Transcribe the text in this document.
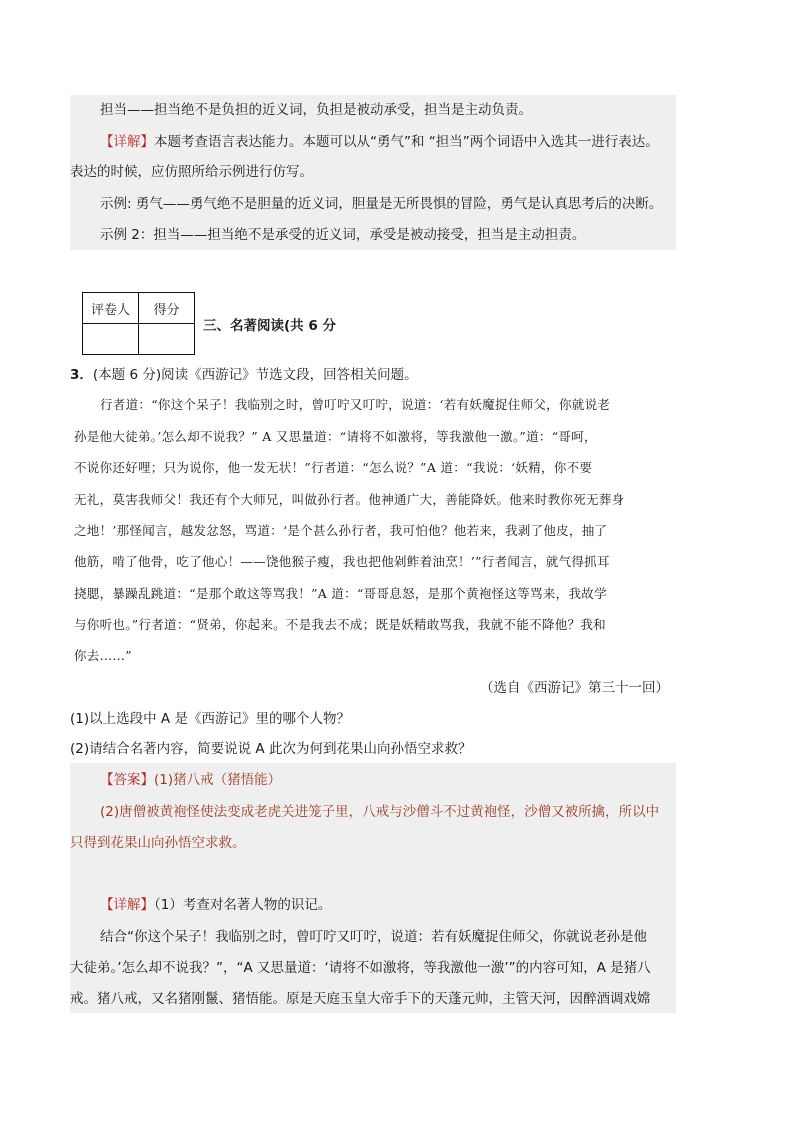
担当——担当绝不是负担的近义词，负担是被动承受，担当是主动负责。
【详解】本题考查语言表达能力。本题可以从“勇气”和 “担当”两个词语中入选其一进行表达。
表达的时候，应仿照所给示例进行仿写。
示例: 勇气——勇气绝不是胆量的近义词，胆量是无所畏惧的冒险，勇气是认真思考后的决断。
示例 2：担当——担当绝不是承受的近义词，承受是被动接受，担当是主动担责。
评卷人	得分

三、名著阅读(共 6 分
3．(本题 6 分)阅读《西游记》节选文段，回答相关问题。
行者道：“你这个呆子！我临别之时，曾叮咛又叮咛，说道：‘若有妖魔捉住师父，你就说老
孙是他大徒弟。’怎么却不说我？” A 又思量道：“请将不如激将，等我激他一激。”道：“哥呵，
不说你还好哩；只为说你，他一发无状！”行者道：“怎么说？”A 道：“我说：‘妖精，你不要
无礼，莫害我师父！我还有个大师兄，叫做孙行者。他神通广大，善能降妖。他来时教你死无葬身
之地！’那怪闻言，越发忿怒，骂道：‘是个甚么孙行者，我可怕他？他若来，我剥了他皮，抽了
他筋，啃了他骨，吃了他心！——饶他猴子瘦，我也把他剁鲊着油烹！’”行者闻言，就气得抓耳
挠腮，暴躁乱跳道：“是那个敢这等骂我！”A 道：“哥哥息怒，是那个黄袍怪这等骂来，我故学
与你听也。”行者道：“贤弟，你起来。不是我去不成；既是妖精敢骂我，我就不能不降他？我和
你去……”
（选自《西游记》第三十一回）
(1)以上选段中 A 是《西游记》里的哪个人物？
(2)请结合名著内容，简要说说 A 此次为何到花果山向孙悟空求救？
【答案】(1)猪八戒（猪悟能）
(2)唐僧被黄袍怪使法变成老虎关进笼子里，八戒与沙僧斗不过黄袍怪，沙僧又被所擒，所以中
只得到花果山向孙悟空求救。
【详解】（1）考查对名著人物的识记。
结合“你这个呆子！我临别之时，曾叮咛又叮咛，说道：若有妖魔捉住师父，你就说老孙是他
大徒弟。’怎么却不说我？”，“A 又思量道：‘请将不如激将，等我激他一激’”的内容可知，A 是猪八
戒。猪八戒，又名猪刚鬣、猪悟能。原是天庭玉皇大帝手下的天蓬元帅，主管天河，因醉酒调戏嫦
